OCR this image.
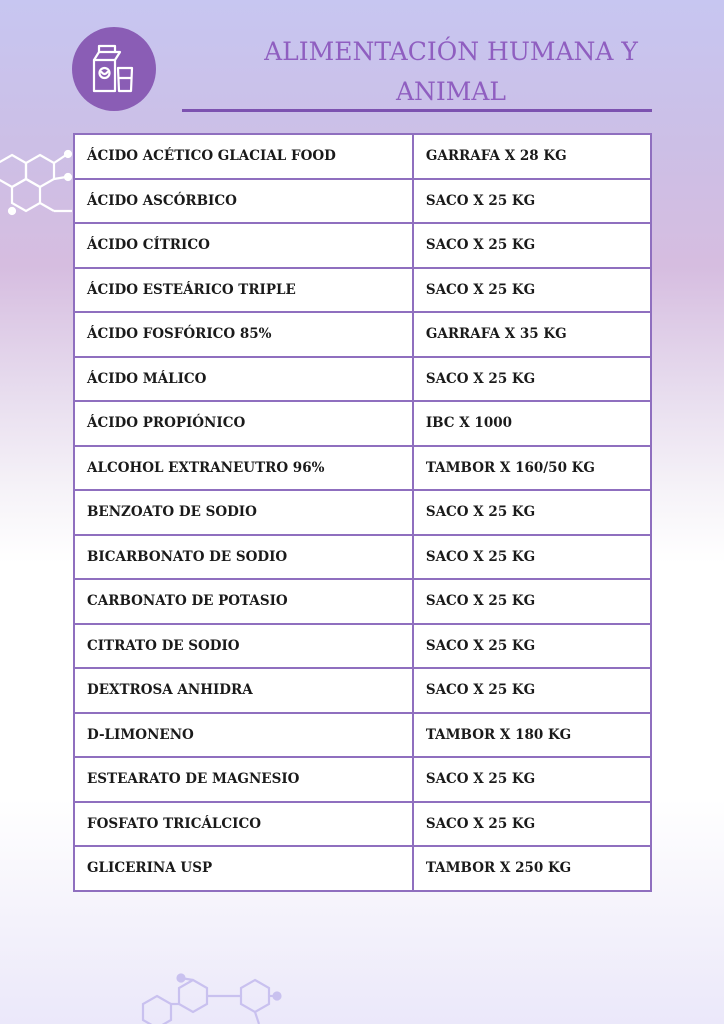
ALIMENTACIÓN HUMANA Y
ANIMAL
ÁCIDO ACÉTICO GLACIAL FOOD	GARRAFA X 28 KG
ÁCIDO ASCÓRBICO	SACO X 25 KG
ÁCIDO CÍTRICO	SACO X 25 KG
ÁCIDO ESTEÁRICO TRIPLE	SACO X 25 KG
ÁCIDO FOSFÓRICO 85%	GARRAFA X 35 KG
ÁCIDO MÁLICO	SACO X 25 KG
ÁCIDO PROPIÓNICO	IBC X 1000
ALCOHOL EXTRANEUTRO 96%	TAMBOR X 160/50 KG
BENZOATO DE SODIO	SACO X 25 KG
BICARBONATO DE SODIO	SACO X 25 KG
CARBONATO DE POTASIO	SACO X 25 KG
CITRATO DE SODIO	SACO X 25 KG
DEXTROSA ANHIDRA	SACO X 25 KG
D-LIMONENO	TAMBOR X 180 KG
ESTEARATO DE MAGNESIO	SACO X 25 KG
FOSFATO TRICÁLCICO	SACO X 25 KG
GLICERINA USP	TAMBOR X 250 KG
